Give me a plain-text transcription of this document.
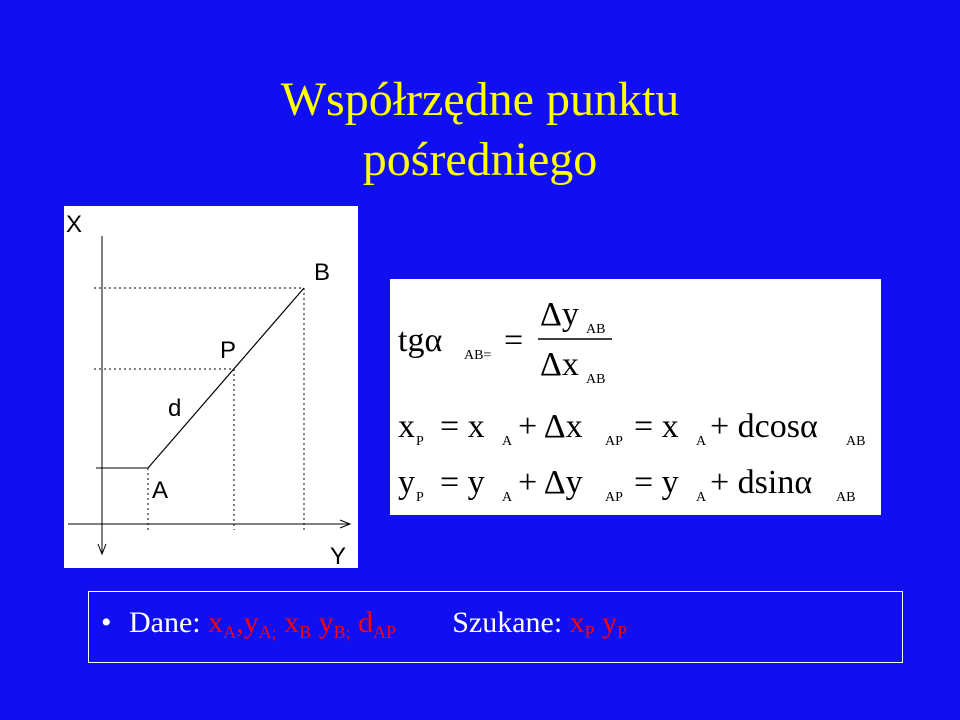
Współrzędne punktu
pośredniego
X
Y
B
P
d
A
tgα AB= =
Δy AB
Δx AB
x P = x A + Δx AP = x A + dcosα AB
y P = y A + Δy AP = y A + dsinα AB
• Dane: $x_A,y_{A;}$ $x_B$ $y_{B;}$ $d_{AP}$ Szukane: $x_P$ $y_P$
